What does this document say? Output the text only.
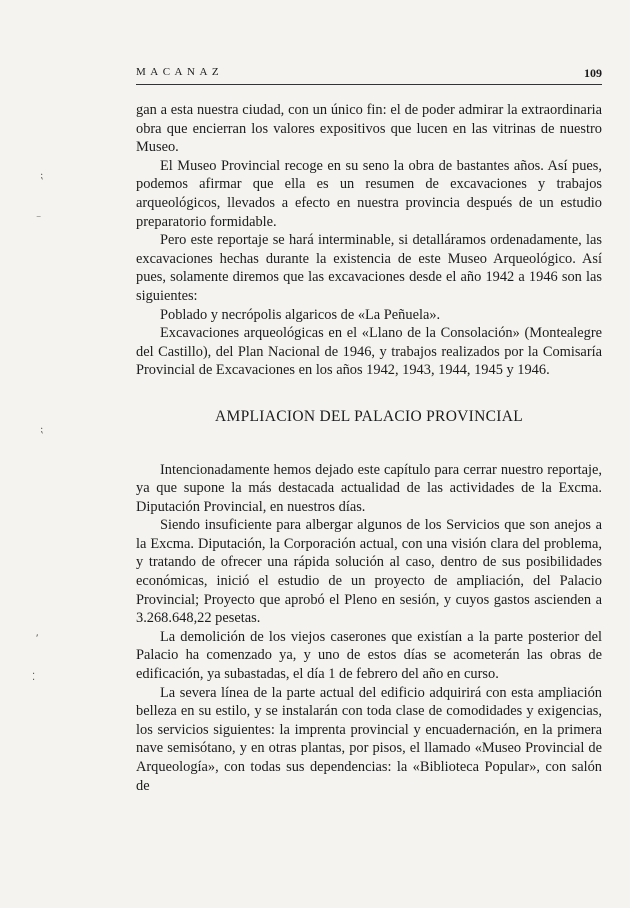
MACANAZ	109

gan a esta nuestra ciudad, con un único fin: el de poder admirar la extraordinaria obra que encierran los valores expositivos que lucen en las vitrinas de nuestro Museo.

El Museo Provincial recoge en su seno la obra de bastantes años. Así pues, podemos afirmar que ella es un resumen de excavaciones y trabajos arqueológicos, llevados a efecto en nuestra provincia después de un estudio preparatorio formidable.

Pero este reportaje se hará interminable, si detalláramos ordenadamente, las excavaciones hechas durante la existencia de este Museo Arqueológico. Así pues, solamente diremos que las excavaciones desde el año 1942 a 1946 son las siguientes:

Poblado y necrópolis algaricos de «La Peñuela».

Excavaciones arqueológicas en el «Llano de la Consolación» (Montealegre del Castillo), del Plan Nacional de 1946, y trabajos realizados por la Comisaría Provincial de Excavaciones en los años 1942, 1943, 1944, 1945 y 1946.

AMPLIACION DEL PALACIO PROVINCIAL

Intencionadamente hemos dejado este capítulo para cerrar nuestro reportaje, ya que supone la más destacada actualidad de las actividades de la Excma. Diputación Provincial, en nuestros días.

Siendo insuficiente para albergar algunos de los Servicios que son anejos a la Excma. Diputación, la Corporación actual, con una visión clara del problema, y tratando de ofrecer una rápida solución al caso, dentro de sus posibilidades económicas, inició el estudio de un proyecto de ampliación, del Palacio Provincial; Proyecto que aprobó el Pleno en sesión, y cuyos gastos ascienden a 3.268.648,22 pesetas.

La demolición de los viejos caserones que existían a la parte posterior del Palacio ha comenzado ya, y uno de estos días se acometerán las obras de edificación, ya subastadas, el día 1 de febrero del año en curso.

La severa línea de la parte actual del edificio adquirirá con esta ampliación belleza en su estilo, y se instalarán con toda clase de comodidades y exigencias, los servicios siguientes: la imprenta provincial y encuadernación, en la primera nave semisótano, y en otras plantas, por pisos, el llamado «Museo Provincial de Arqueología», con todas sus dependencias: la «Biblioteca Popular», con salón de

⁏
⁻
⁏
⸴
⁚
